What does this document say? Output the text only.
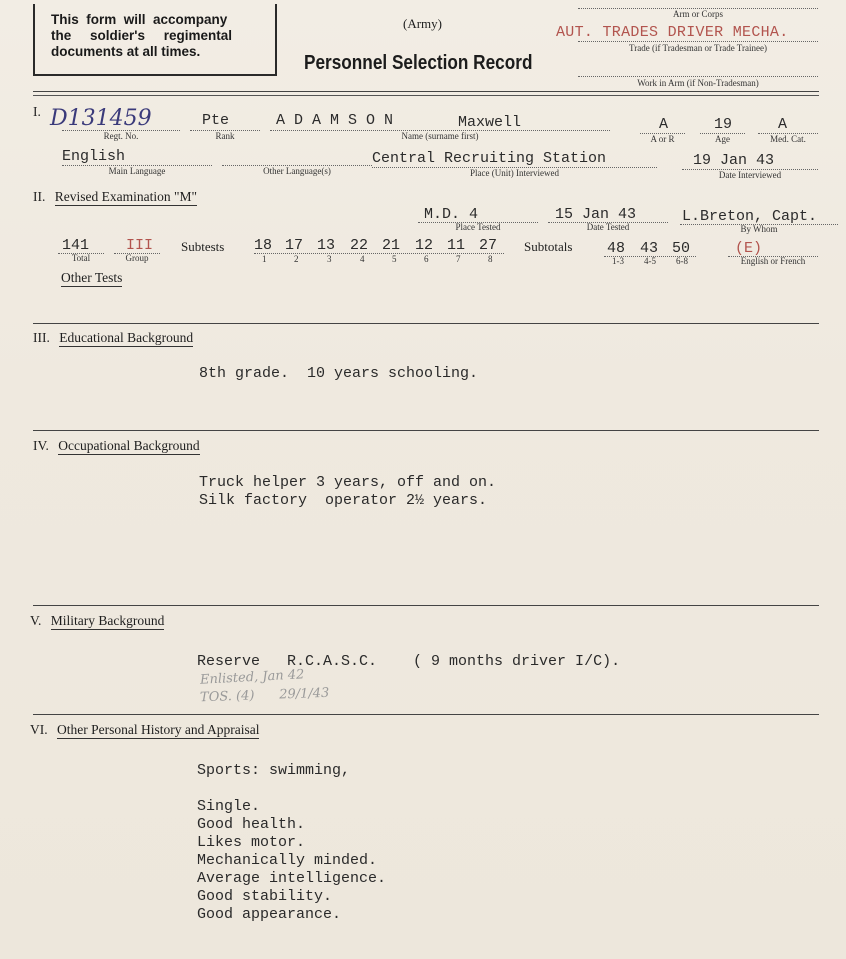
This  form  will  accompany
the     soldier's     regimental
documents at all times.
(Army)
Personnel Selection Record
Arm or Corps
AUT. TRADES DRIVER MECHA.
Trade (if Tradesman or Trade Trainee)
Work in Arm (if Non-Tradesman)
I. D131459
Regt. No.
Pte
Rank
A D A M S O N	Maxwell
Name (surname first)
A
A or R
19
Age
A
Med. Cat.
English
Main Language	Other Language(s)
Central Recruiting Station
Place (Unit) Interviewed
19 Jan 43
Date Interviewed
II. Revised Examination "M"
M.D. 4
Place Tested
15 Jan 43
Date Tested
L.Breton, Capt.
By Whom
141
Total
III
Group
Subtests 18 17 13 22 21 12 11 27
1	2	3	4	5	6	7	8
Subtotals 48 43 50
1-3 4-5 6-8
(E)
English or French
Other Tests
III. Educational Background
8th grade.  10 years schooling.
IV. Occupational Background
Truck helper 3 years, off and on.
Silk factory  operator 2½ years.
V. Military Background
Reserve   R.C.A.S.C.    ( 9 months driver I/C).
Enlisted, Jan 42
TOS. (4)      29/1/43
VI. Other Personal History and Appraisal
Sports: swimming,
Single.
Good health.
Likes motor.
Mechanically minded.
Average intelligence.
Good stability.
Good appearance.
